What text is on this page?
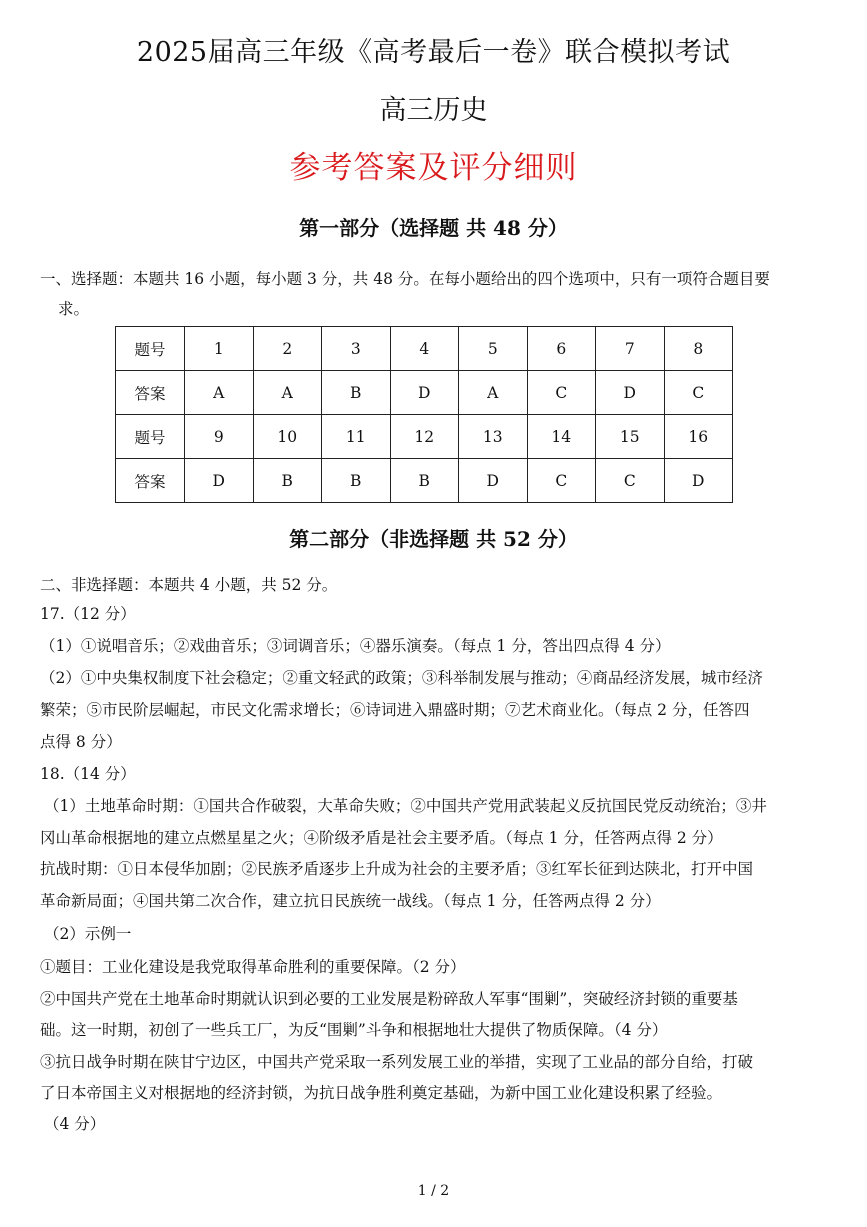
2025届高三年级《高考最后一卷》联合模拟考试
高三历史
参考答案及评分细则
第一部分（选择题 共 48 分）
一、选择题：本题共 16 小题，每小题 3 分，共 48 分。在每小题给出的四个选项中，只有一项符合题目要
求。
题号	1	2	3	4	5	6	7	8
答案	A	A	B	D	A	C	D	C
题号	9	10	11	12	13	14	15	16
答案	D	B	B	B	D	C	C	D
第二部分（非选择题 共 52 分）
二、非选择题：本题共 4 小题，共 52 分。
17.（12 分）
（1）①说唱音乐；②戏曲音乐；③词调音乐；④器乐演奏。（每点 1 分，答出四点得 4 分）
（2）①中央集权制度下社会稳定；②重文轻武的政策；③科举制发展与推动；④商品经济发展，城市经济
繁荣；⑤市民阶层崛起，市民文化需求增长；⑥诗词进入鼎盛时期；⑦艺术商业化。（每点 2 分，任答四
点得 8 分）
18.（14 分）
（1）土地革命时期：①国共合作破裂，大革命失败；②中国共产党用武装起义反抗国民党反动统治；③井
冈山革命根据地的建立点燃星星之火；④阶级矛盾是社会主要矛盾。（每点 1 分，任答两点得 2 分）
抗战时期：①日本侵华加剧；②民族矛盾逐步上升成为社会的主要矛盾；③红军长征到达陕北，打开中国
革命新局面；④国共第二次合作，建立抗日民族统一战线。（每点 1 分，任答两点得 2 分）
（2）示例一
①题目：工业化建设是我党取得革命胜利的重要保障。（2 分）
②中国共产党在土地革命时期就认识到必要的工业发展是粉碎敌人军事“围剿”，突破经济封锁的重要基
础。这一时期，初创了一些兵工厂，为反“围剿”斗争和根据地壮大提供了物质保障。（4 分）
③抗日战争时期在陕甘宁边区，中国共产党采取一系列发展工业的举措，实现了工业品的部分自给，打破
了日本帝国主义对根据地的经济封锁，为抗日战争胜利奠定基础，为新中国工业化建设积累了经验。
（4 分）
1 / 2
